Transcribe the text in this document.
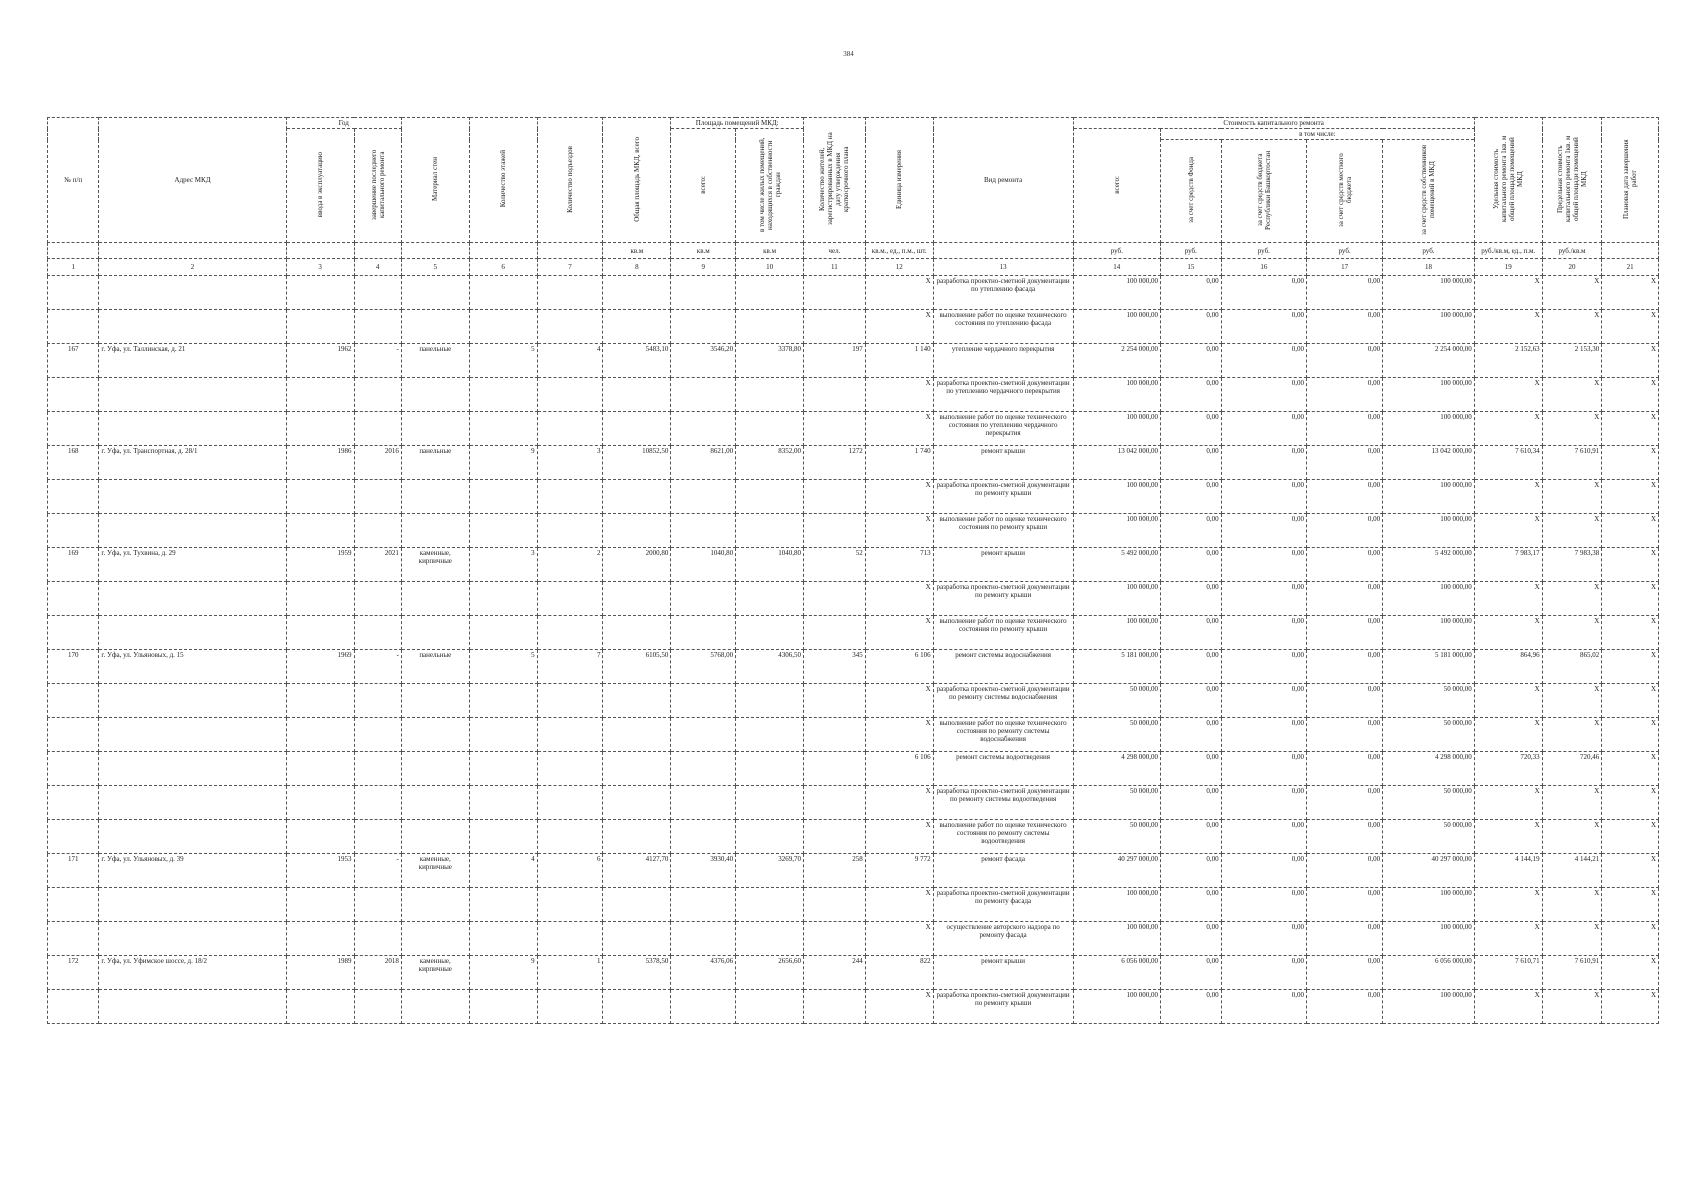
384
№ п/п	Адрес МКД	Год		Материал стен	Количество этажей	Количество подъездов	Общая площадь МКД, всего	Площадь помещений МКД:		Количество жителей, зарегистрированных в МКД на дату утверждения краткосрочного плана	Единица измерения	Вид ремонта	Стоимость капитального ремонта					Удельная стоимость капитального ремонта 1кв. м общей площади помещений МКД	Предельная стоимость капитального ремонта 1кв. м общей площади помещений МКД	Плановая дата завершения работ
		ввода в эксплуатацию	завершение последнего капитального ремонта					всего:	в том числе жилых помещений, находящихся в собственности граждан				всего:	в том числе:						
														за счет средств Фонда	за счет средств бюджета Республики Башкортостан	за счет средств местного бюджета	за счет средств собственников помещений в МКД			
							кв.м	кв.м	кв.м	чел.	кв.м., ед., п.м., шт.		руб.	руб.	руб.	руб.	руб.	руб./кв.м, ед., п.м.	руб./кв.м	
1	2	3	4	5	6	7	8	9	10	11	12	13	14	15	16	17	18	19	20	21
											Х	разработка проектно-сметной документации по утеплению фасада	100 000,00	0,00	0,00	0,00	100 000,00	Х	Х	Х
											Х	выполнение работ по оценке технического состояния по утеплению фасада	100 000,00	0,00	0,00	0,00	100 000,00	Х	Х	Х
167	г. Уфа, ул. Таллинская, д. 21	1962	-	панельные	5	4	5483,10	3546,20	3378,80	197	1 140	утепление чердачного перекрытия	2 254 000,00	0,00	0,00	0,00	2 254 000,00	2 152,63	2 153,30	Х
											Х	разработка проектно-сметной документации по утеплению чердачного перекрытия	100 000,00	0,00	0,00	0,00	100 000,00	Х	Х	Х
											Х	выполнение работ по оценке технического состояния по утеплению чердачного перекрытия	100 000,00	0,00	0,00	0,00	100 000,00	Х	Х	Х
168	г. Уфа, ул. Транспортная, д. 28/1	1986	2016	панельные	9	3	10852,50	8621,00	8352,00	1272	1 740	ремонт крыши	13 042 000,00	0,00	0,00	0,00	13 042 000,00	7 610,34	7 610,91	Х
											Х	разработка проектно-сметной документации по ремонту крыши	100 000,00	0,00	0,00	0,00	100 000,00	Х	Х	Х
											Х	выполнение работ по оценке технического состояния по ремонту крыши	100 000,00	0,00	0,00	0,00	100 000,00	Х	Х	Х
169	г. Уфа, ул. Тухвина, д. 29	1959	2021	каменные, кирпичные	3	2	2000,80	1040,80	1040,80	52	713	ремонт крыши	5 492 000,00	0,00	0,00	0,00	5 492 000,00	7 983,17	7 983,38	Х
											Х	разработка проектно-сметной документации по ремонту крыши	100 000,00	0,00	0,00	0,00	100 000,00	Х	Х	Х
											Х	выполнение работ по оценке технического состояния по ремонту крыши	100 000,00	0,00	0,00	0,00	100 000,00	Х	Х	Х
170	г. Уфа, ул. Ульяновых, д. 15	1969	-	панельные	5	7	6105,50	5768,00	4306,50	345	6 106	ремонт системы водоснабжения	5 181 000,00	0,00	0,00	0,00	5 181 000,00	864,96	865,02	Х
											Х	разработка проектно-сметной документации по ремонту системы водоснабжения	50 000,00	0,00	0,00	0,00	50 000,00	Х	Х	Х
											Х	выполнение работ по оценке технического состояния по ремонту системы водоснабжения	50 000,00	0,00	0,00	0,00	50 000,00	Х	Х	Х
											6 106	ремонт системы водоотведения	4 298 000,00	0,00	0,00	0,00	4 298 000,00	720,33	720,46	Х
											Х	разработка проектно-сметной документации по ремонту системы водоотведения	50 000,00	0,00	0,00	0,00	50 000,00	Х	Х	Х
											Х	выполнение работ по оценке технического состояния по ремонту системы водоотведения	50 000,00	0,00	0,00	0,00	50 000,00	Х	Х	Х
171	г. Уфа, ул. Ульяновых, д. 39	1953	-	каменные, кирпичные	4	6	4127,70	3930,40	3269,70	258	9 772	ремонт фасада	40 297 000,00	0,00	0,00	0,00	40 297 000,00	4 144,19	4 144,21	Х
											Х	разработка проектно-сметной документации по ремонту фасада	100 000,00	0,00	0,00	0,00	100 000,00	Х	Х	Х
											Х	осуществление авторского надзора по ремонту фасада	100 000,00	0,00	0,00	0,00	100 000,00	Х	Х	Х
172	г. Уфа, ул. Уфимское шоссе, д. 18/2	1989	2018	каменные, кирпичные	9	1	5378,50	4376,06	2656,60	244	822	ремонт крыши	6 056 000,00	0,00	0,00	0,00	6 056 000,00	7 610,71	7 610,91	Х
											Х	разработка проектно-сметной документации по ремонту крыши	100 000,00	0,00	0,00	0,00	100 000,00	Х	Х	Х
